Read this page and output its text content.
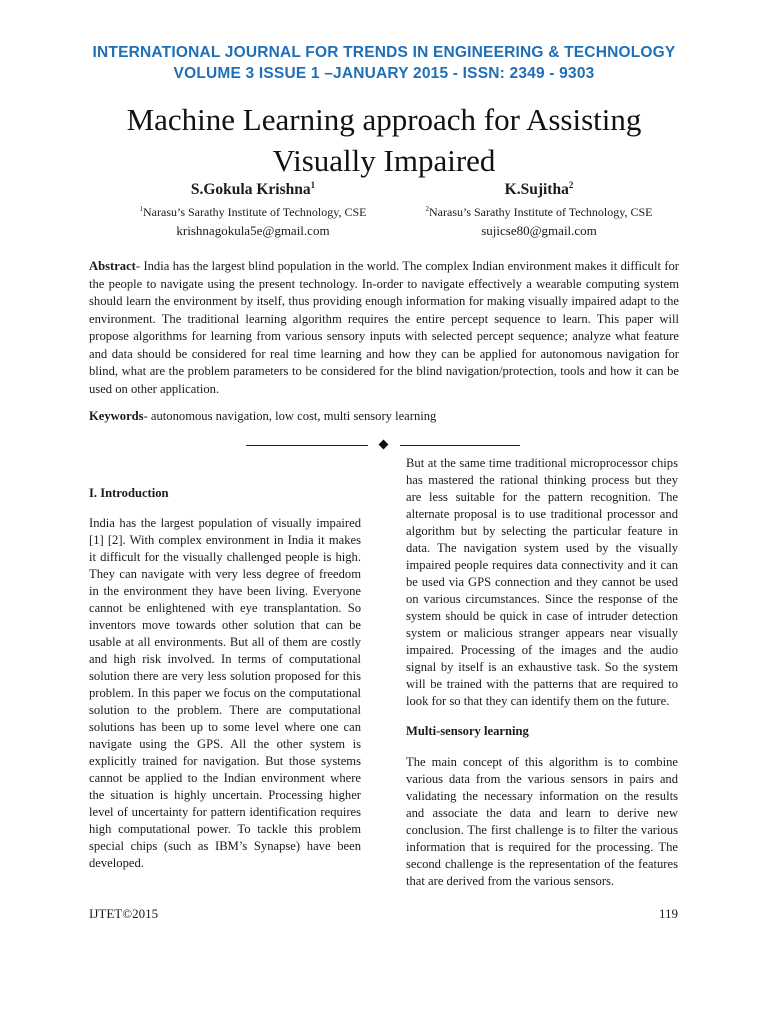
INTERNATIONAL JOURNAL FOR TRENDS IN ENGINEERING & TECHNOLOGY
VOLUME 3 ISSUE 1 –JANUARY 2015 - ISSN: 2349 - 9303
Machine Learning approach for Assisting
Visually Impaired
S.Gokula Krishna$^1$
$^1$Narasu’s Sarathy Institute of Technology, CSE
krishnagokula5e@gmail.com
K.Sujitha$^2$
$^2$Narasu’s Sarathy Institute of Technology, CSE
sujicse80@gmail.com
Abstract- India has the largest blind population in the world. The complex Indian environment makes it difficult for the people to navigate using the present technology. In-order to navigate effectively a wearable computing system should learn the environment by itself, thus providing enough information for making visually impaired adapt to the environment. The traditional learning algorithm requires the entire percept sequence to learn. This paper will propose algorithms for learning from various sensory inputs with selected percept sequence; analyze what feature and data should be considered for real time learning and how they can be applied for autonomous navigation for blind, what are the problem parameters to be considered for the blind navigation/protection, tools and how it can be used on other application.
Keywords- autonomous navigation, low cost, multi sensory learning
I. Introduction
India has the largest population of visually impaired [1] [2]. With complex environment in India it makes it difficult for the visually challenged people is high. They can navigate with very less degree of freedom in the environment they have been living. Everyone cannot be enlightened with eye transplantation. So inventors move towards other solution that can be usable at all environments. But all of them are costly and high risk involved. In terms of computational solution there are very less solution proposed for this problem. In this paper we focus on the computational solution to the problem. There are computational solutions has been up to some level where one can navigate using the GPS. All the other system is explicitly trained for navigation. But those systems cannot be applied to the Indian environment where the situation is highly uncertain. Processing higher level of uncertainty for pattern identification requires high computational power. To tackle this problem special chips (such as IBM’s Synapse) have been developed.
But at the same time traditional microprocessor chips has mastered the rational thinking process but they are less suitable for the pattern recognition. The alternate proposal is to use traditional processor and algorithm but by selecting the particular feature in data. The navigation system used by the visually impaired people requires data connectivity and it can be used via GPS connection and they cannot be used on various circumstances. Since the response of the system should be quick in case of intruder detection system or malicious stranger appears near visually impaired. Processing of the images and the audio signal by itself is an exhaustive task. So the system will be trained with the patterns that are required to look for so that they can identify them on the future.
Multi-sensory learning
The main concept of this algorithm is to combine various data from the various sensors in pairs and validating the necessary information on the results and associate the data and learn to derive new conclusion. The first challenge is to filter the various information that is required for the processing. The second challenge is the representation of the features that are derived from the various sensors.
IJTET©2015	119
